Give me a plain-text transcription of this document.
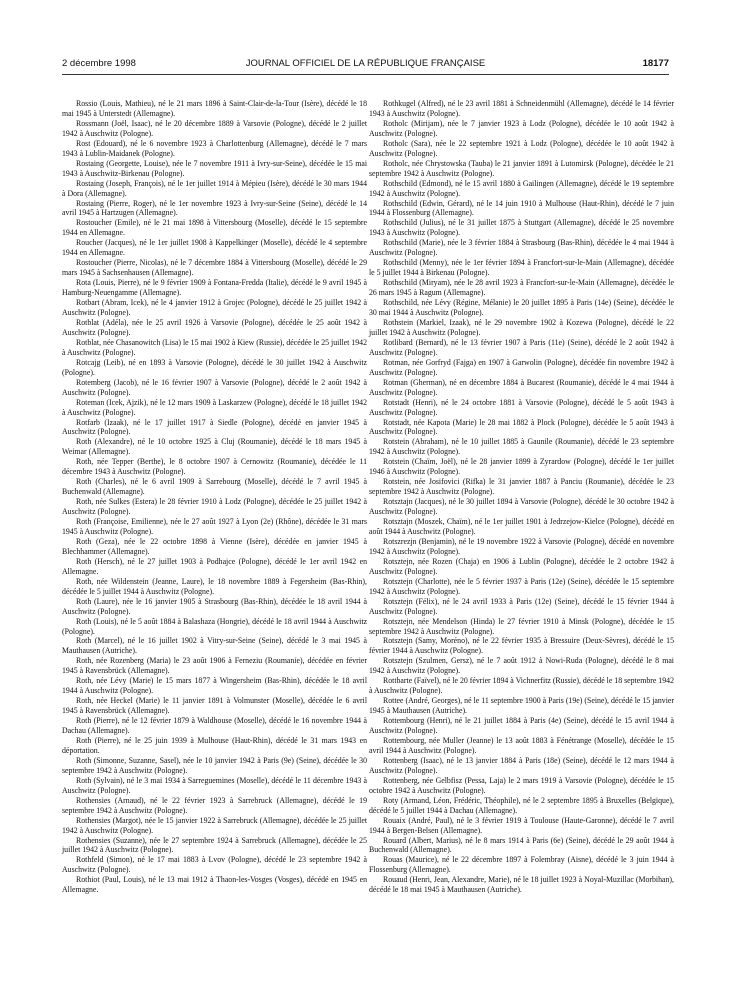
2 décembre 1998	JOURNAL OFFICIEL DE LA RÉPUBLIQUE FRANÇAISE	18177

Rossio (Louis, Mathieu), né le 21 mars 1896 à Saint-Clair-de-la-Tour (Isère), décédé le 18 mai 1945 à Unterstedt (Allemagne).

Rossmann (Joël, Isaac), né le 20 décembre 1889 à Varsovie (Pologne), décédé le 2 juillet 1942 à Auschwitz (Pologne).

Rost (Edouard), né le 6 novembre 1923 à Charlottenburg (Allemagne), décédé le 7 mars 1943 à Lublin-Maidanek (Pologne).

Rostaing (Georgette, Louise), née le 7 novembre 1911 à Ivry-sur-Seine), décédée le 15 mai 1943 à Auschwitz-Birkenau (Pologne).

Rostaing (Joseph, François), né le 1er juillet 1914 à Mépieu (Isère), décédé le 30 mars 1944 à Dora (Allemagne).

Rostaing (Pierre, Roger), né le 1er novembre 1923 à Ivry-sur-Seine (Seine), décédé le 14 avril 1945 à Hartzugen (Allemagne).

Rostoucher (Emile), né le 21 mai 1898 à Vittersbourg (Moselle), décédé le 15 septembre 1944 en Allemagne.

Roucher (Jacques), né le 1er juillet 1908 à Kappelkinger (Moselle), décédé le 4 septembre 1944 en Allemagne.

Rostoucher (Pierre, Nicolas), né le 7 décembre 1884 à Vittersbourg (Moselle), décédé le 29 mars 1945 à Sachsenhausen (Allemagne).

Rota (Louis, Pierre), né le 9 février 1909 à Fontana-Fredda (Italie), décédé le 9 avril 1945 à Hamburg-Neuengamme (Allemagne).

Rotbart (Abram, Icek), né le 4 janvier 1912 à Grojec (Pologne), décédé le 25 juillet 1942 à Auschwitz (Pologne).

Rotblat (Adéla), née le 25 avril 1926 à Varsovie (Pologne), décédée le 25 août 1942 à Auschwitz (Pologne).

Rotblat, née Chasanowitch (Lisa) le 15 mai 1902 à Kiew (Russie), décédée le 25 juillet 1942 à Auschwitz (Pologne).

Rotcajg (Leib), né en 1893 à Varsovie (Pologne), décédé le 30 juillet 1942 à Auschwitz (Pologne).

Rotemberg (Jacob), né le 16 février 1907 à Varsovie (Pologne), décédé le 2 août 1942 à Auschwitz (Pologne).

Roteman (Icek, Ajzik), né le 12 mars 1909 à Laskarzew (Pologne), décédé le 18 juillet 1942 à Auschwitz (Pologne).

Rotfarb (Izaak), né le 17 juillet 1917 à Siedle (Pologne), décédé en janvier 1945 à Auschwitz (Pologne).

Roth (Alexandre), né le 10 octobre 1925 à Cluj (Roumanie), décédé le 18 mars 1945 à Weimar (Allemagne).

Roth, née Tepper (Berthe), le 8 octobre 1907 à Cernowitz (Roumanie), décédée le 11 décembre 1943 à Auschwitz (Pologne).

Roth (Charles), né le 6 avril 1909 à Sarrebourg (Moselle), décédé le 7 avril 1945 à Buchenwald (Allemagne).

Roth, née Sulkes (Estera) le 28 février 1910 à Lodz (Pologne), décédée le 25 juillet 1942 à Auschwitz (Pologne).

Roth (Françoise, Emilienne), née le 27 août 1927 à Lyon (2e) (Rhône), décédée le 31 mars 1945 à Auschwitz (Pologne).

Roth (Geza), née le 22 octobre 1898 à Vienne (Isère), décédée en janvier 1945 à Blechhammer (Allemagne).

Roth (Hersch), né le 27 juillet 1903 à Podhajce (Pologne), décédé le 1er avril 1942 en Allemagne.

Roth, née Wildenstein (Jeanne, Laure), le 18 novembre 1889 à Fegersheim (Bas-Rhin), décédée le 5 juillet 1944 à Auschwitz (Pologne).

Roth (Laure), née le 16 janvier 1905 à Strasbourg (Bas-Rhin), décédée le 18 avril 1944 à Auschwitz (Pologne).

Roth (Louis), né le 5 août 1884 à Balashaza (Hongrie), décédé le 18 avril 1944 à Auschwitz (Pologne).

Roth (Marcel), né le 16 juillet 1902 à Vitry-sur-Seine (Seine), décédé le 3 mai 1945 à Mauthausen (Autriche).

Roth, née Rozenberg (Maria) le 23 août 1906 à Ferneziu (Roumanie), décédée en février 1945 à Ravensbrück (Allemagne).

Roth, née Lévy (Marie) le 15 mars 1877 à Wingersheim (Bas-Rhin), décédée le 18 avril 1944 à Auschwitz (Pologne).

Roth, née Heckel (Marie) le 11 janvier 1891 à Volmunster (Moselle), décédée le 6 avril 1945 à Ravensbrück (Allemagne).

Roth (Pierre), né le 12 février 1879 à Waldhouse (Moselle), décédé le 16 novembre 1944 à Dachau (Allemagne).

Roth (Pierre), né le 25 juin 1939 à Mulhouse (Haut-Rhin), décédé le 31 mars 1943 en déportation.

Roth (Simonne, Suzanne, Sasel), née le 10 janvier 1942 à Paris (9e) (Seine), décédée le 30 septembre 1942 à Auschwitz (Pologne).

Roth (Sylvain), né le 3 mai 1934 à Sarreguemines (Moselle), décédé le 11 décembre 1943 à Auschwitz (Pologne).

Rothensies (Arnaud), né le 22 février 1923 à Sarrebruck (Allemagne), décédé le 19 septembre 1942 à Auschwitz (Pologne).

Rothensies (Margot), née le 15 janvier 1922 à Sarrebruck (Allemagne), décédée le 25 juillet 1942 à Auschwitz (Pologne).

Rothensies (Suzanne), née le 27 septembre 1924 à Sarrebruck (Allemagne), décédée le 25 juillet 1942 à Auschwitz (Pologne).

Rothfeld (Simon), né le 17 mai 1883 à Lvov (Pologne), décédé le 23 septembre 1942 à Auschwitz (Pologne).

Rothiot (Paul, Louis), né le 13 mai 1912 à Thaon-les-Vosges (Vosges), décédé en 1945 en Allemagne.

Rothkugel (Alfred), né le 23 avril 1881 à Schneidenmühl (Allemagne), décédé le 14 février 1943 à Auschwitz (Pologne).

Rotholc (Mirijam), née le 7 janvier 1923 à Lodz (Pologne), décédée le 10 août 1942 à Auschwitz (Pologne).

Rotholc (Sara), née le 22 septembre 1921 à Lodz (Pologne), décédée le 10 août 1942 à Auschwitz (Pologne).

Rotholc, née Chrystowska (Tauba) le 21 janvier 1891 à Lutomirsk (Pologne), décédée le 21 septembre 1942 à Auschwitz (Pologne).

Rothschild (Edmond), né le 15 avril 1880 à Gailingen (Allemagne), décédé le 19 septembre 1942 à Auschwitz (Pologne).

Rothschild (Edwin, Gérard), né le 14 juin 1910 à Mulhouse (Haut-Rhin), décédé le 7 juin 1944 à Flossenburg (Allemagne).

Rothschild (Julius), né le 31 juillet 1875 à Stuttgart (Allemagne), décédé le 25 novembre 1943 à Auschwitz (Pologne).

Rothschild (Marie), née le 3 février 1884 à Strasbourg (Bas-Rhin), décédée le 4 mai 1944 à Auschwitz (Pologne).

Rothschild (Menny), née le 1er février 1894 à Francfort-sur-le-Main (Allemagne), décédée le 5 juillet 1944 à Birkenau (Pologne).

Rothschild (Miryam), née le 28 avril 1923 à Francfort-sur-le-Main (Allemagne), décédée le 26 mars 1945 à Ragum (Allemagne).

Rothschild, née Lévy (Régine, Mélanie) le 20 juillet 1895 à Paris (14e) (Seine), décédée le 30 mai 1944 à Auschwitz (Pologne).

Rothstein (Markiel, Izaak), né le 29 novembre 1902 à Kozewa (Pologne), décédé le 22 juillet 1942 à Auschwitz (Pologne).

Rotlibard (Bernard), né le 13 février 1907 à Paris (11e) (Seine), décédé le 2 août 1942 à Auschwitz (Pologne).

Rotman, née Gorfryd (Fajga) en 1907 à Garwolin (Pologne), décédée fin novembre 1942 à Auschwitz (Pologne).

Rotman (Gherman), né en décembre 1884 à Bucarest (Roumanie), décédé le 4 mai 1944 à Auschwitz (Pologne).

Rotstadt (Henri), né le 24 octobre 1881 à Varsovie (Pologne), décédé le 5 août 1943 à Auschwitz (Pologne).

Rotstadt, née Kapota (Marie) le 28 mai 1882 à Plock (Pologne), décédée le 5 août 1943 à Auschwitz (Pologne).

Rotstein (Abraham), né le 10 juillet 1885 à Gaunile (Roumanie), décédé le 23 septembre 1942 à Auschwitz (Pologne).

Rotstein (Chaïm, Joël), né le 28 janvier 1899 à Zyrardow (Pologne), décédé le 1er juillet 1946 à Auschwitz (Pologne).

Rotstein, née Josifovici (Rifka) le 31 janvier 1887 à Panciu (Roumanie), décédée le 23 septembre 1942 à Auschwitz (Pologne).

Rotsztajn (Jacques), né le 30 juillet 1894 à Varsovie (Pologne), décédé le 30 octobre 1942 à Auschwitz (Pologne).

Rotsztajn (Moszek, Chaïm), né le 1er juillet 1901 à Jedrzejow-Kielce (Pologne), décédé en août 1944 à Auschwitz (Pologne).

Rotszrezjn (Benjamin), né le 19 novembre 1922 à Varsovie (Pologne), décédé en novembre 1942 à Auschwitz (Pologne).

Rotsztejn, née Rozen (Chaja) en 1906 à Lublin (Pologne), décédée le 2 octobre 1942 à Auschwitz (Pologne).

Rotsztejn (Charlotte), née le 5 février 1937 à Paris (12e) (Seine), décédée le 15 septembre 1942 à Auschwitz (Pologne).

Rotsztejn (Félix), né le 24 avril 1933 à Paris (12e) (Seine), décédé le 15 février 1944 à Auschwitz (Pologne).

Rotsztejn, née Mendelson (Hinda) le 27 février 1910 à Minsk (Pologne), décédée le 15 septembre 1942 à Auschwitz (Pologne).

Rotsztejn (Samy, Moréno), né le 22 février 1935 à Bressuire (Deux-Sèvres), décédé le 15 février 1944 à Auschwitz (Pologne).

Rotsztejn (Szulmen, Gersz), né le 7 août 1912 à Nowi-Ruda (Pologne), décédé le 8 mai 1942 à Auschwitz (Pologne).

Rottbarte (Faïvel), né le 20 février 1894 à Vichnerfitz (Russie), décédé le 18 septembre 1942 à Auschwitz (Pologne).

Rottee (André, Georges), né le 11 septembre 1900 à Paris (19e) (Seine), décédé le 15 janvier 1945 à Mauthausen (Autriche).

Rottembourg (Henri), né le 21 juillet 1884 à Paris (4e) (Seine), décédé le 15 avril 1944 à Auschwitz (Pologne).

Rottembourg, née Muller (Jeanne) le 13 août 1883 à Fénétrange (Moselle), décédée le 15 avril 1944 à Auschwitz (Pologne).

Rottenberg (Isaac), né le 13 janvier 1884 à Paris (18e) (Seine), décédé le 12 mars 1944 à Auschwitz (Pologne).

Rottenberg, née Gelbfisz (Pessa, Laja) le 2 mars 1919 à Varsovie (Pologne), décédée le 15 octobre 1942 à Auschwitz (Pologne).

Roty (Armand, Léon, Frédéric, Théophile), né le 2 septembre 1895 à Bruxelles (Belgique), décédé le 5 juillet 1944 à Dachau (Allemagne).

Rouaix (André, Paul), né le 3 février 1919 à Toulouse (Haute-Garonne), décédé le 7 avril 1944 à Bergen-Belsen (Allemagne).

Rouard (Albert, Marius), né le 8 mars 1914 à Paris (6e) (Seine), décédé le 29 août 1944 à Buchenwald (Allemagne).

Rouas (Maurice), né le 22 décembre 1897 à Folembray (Aisne), décédé le 3 juin 1944 à Flossenburg (Allemagne).

Rouaud (Henri, Jean, Alexandre, Marie), né le 18 juillet 1923 à Noyal-Muzillac (Morbihan), décédé le 18 mai 1945 à Mauthausen (Autriche).
